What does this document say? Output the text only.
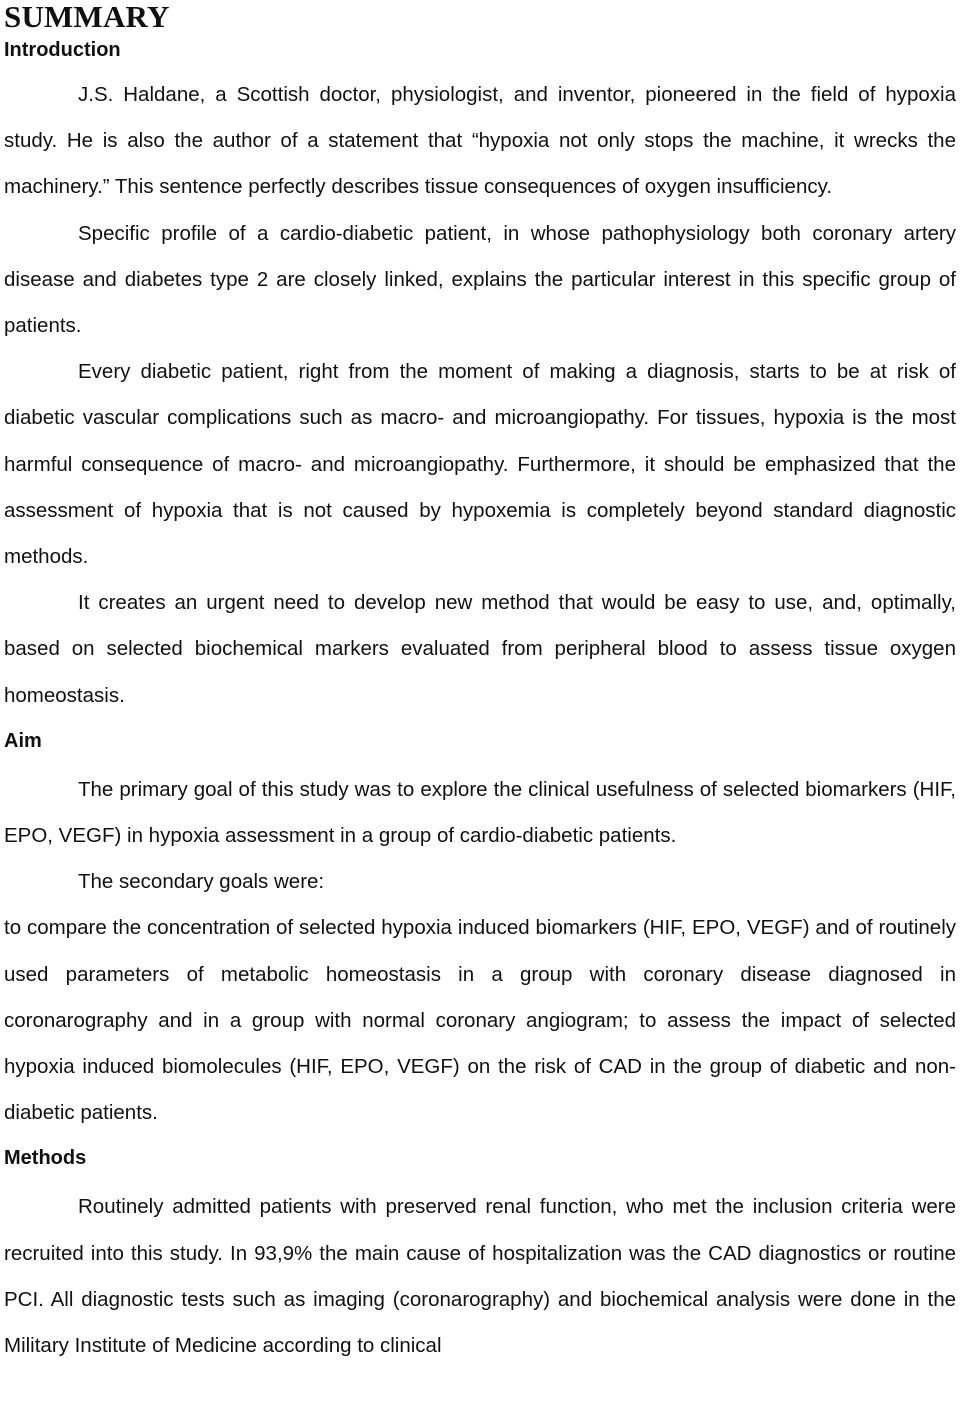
SUMMARY
Introduction

J.S. Haldane, a Scottish doctor, physiologist, and inventor, pioneered in the field of hypoxia study. He is also the author of a statement that “hypoxia not only stops the machine, it wrecks the machinery.” This sentence perfectly describes tissue consequences of oxygen insufficiency.

Specific profile of a cardio-diabetic patient, in whose pathophysiology both coronary artery disease and diabetes type 2 are closely linked, explains the particular interest in this specific group of patients.

Every diabetic patient, right from the moment of making a diagnosis, starts to be at risk of diabetic vascular complications such as macro- and microangiopathy. For tissues, hypoxia is the most harmful consequence of macro- and microangiopathy. Furthermore, it should be emphasized that the assessment of hypoxia that is not caused by hypoxemia is completely beyond standard diagnostic methods.

It creates an urgent need to develop new method that would be easy to use, and, optimally, based on selected biochemical markers evaluated from peripheral blood to assess tissue oxygen homeostasis.

Aim

The primary goal of this study was to explore the clinical usefulness of selected biomarkers (HIF, EPO, VEGF) in hypoxia assessment in a group of cardio-diabetic patients.

The secondary goals were:

to compare the concentration of selected hypoxia induced biomarkers (HIF, EPO, VEGF) and of routinely used parameters of metabolic homeostasis in a group with coronary disease diagnosed in coronarography and in a group with normal coronary angiogram; to assess the impact of selected hypoxia induced biomolecules (HIF, EPO, VEGF) on the risk of CAD in the group of diabetic and non-diabetic patients.

Methods

Routinely admitted patients with preserved renal function, who met the inclusion criteria were recruited into this study. In 93,9% the main cause of hospitalization was the CAD diagnostics or routine PCI. All diagnostic tests such as imaging (coronarography) and biochemical analysis were done in the Military Institute of Medicine according to clinical
